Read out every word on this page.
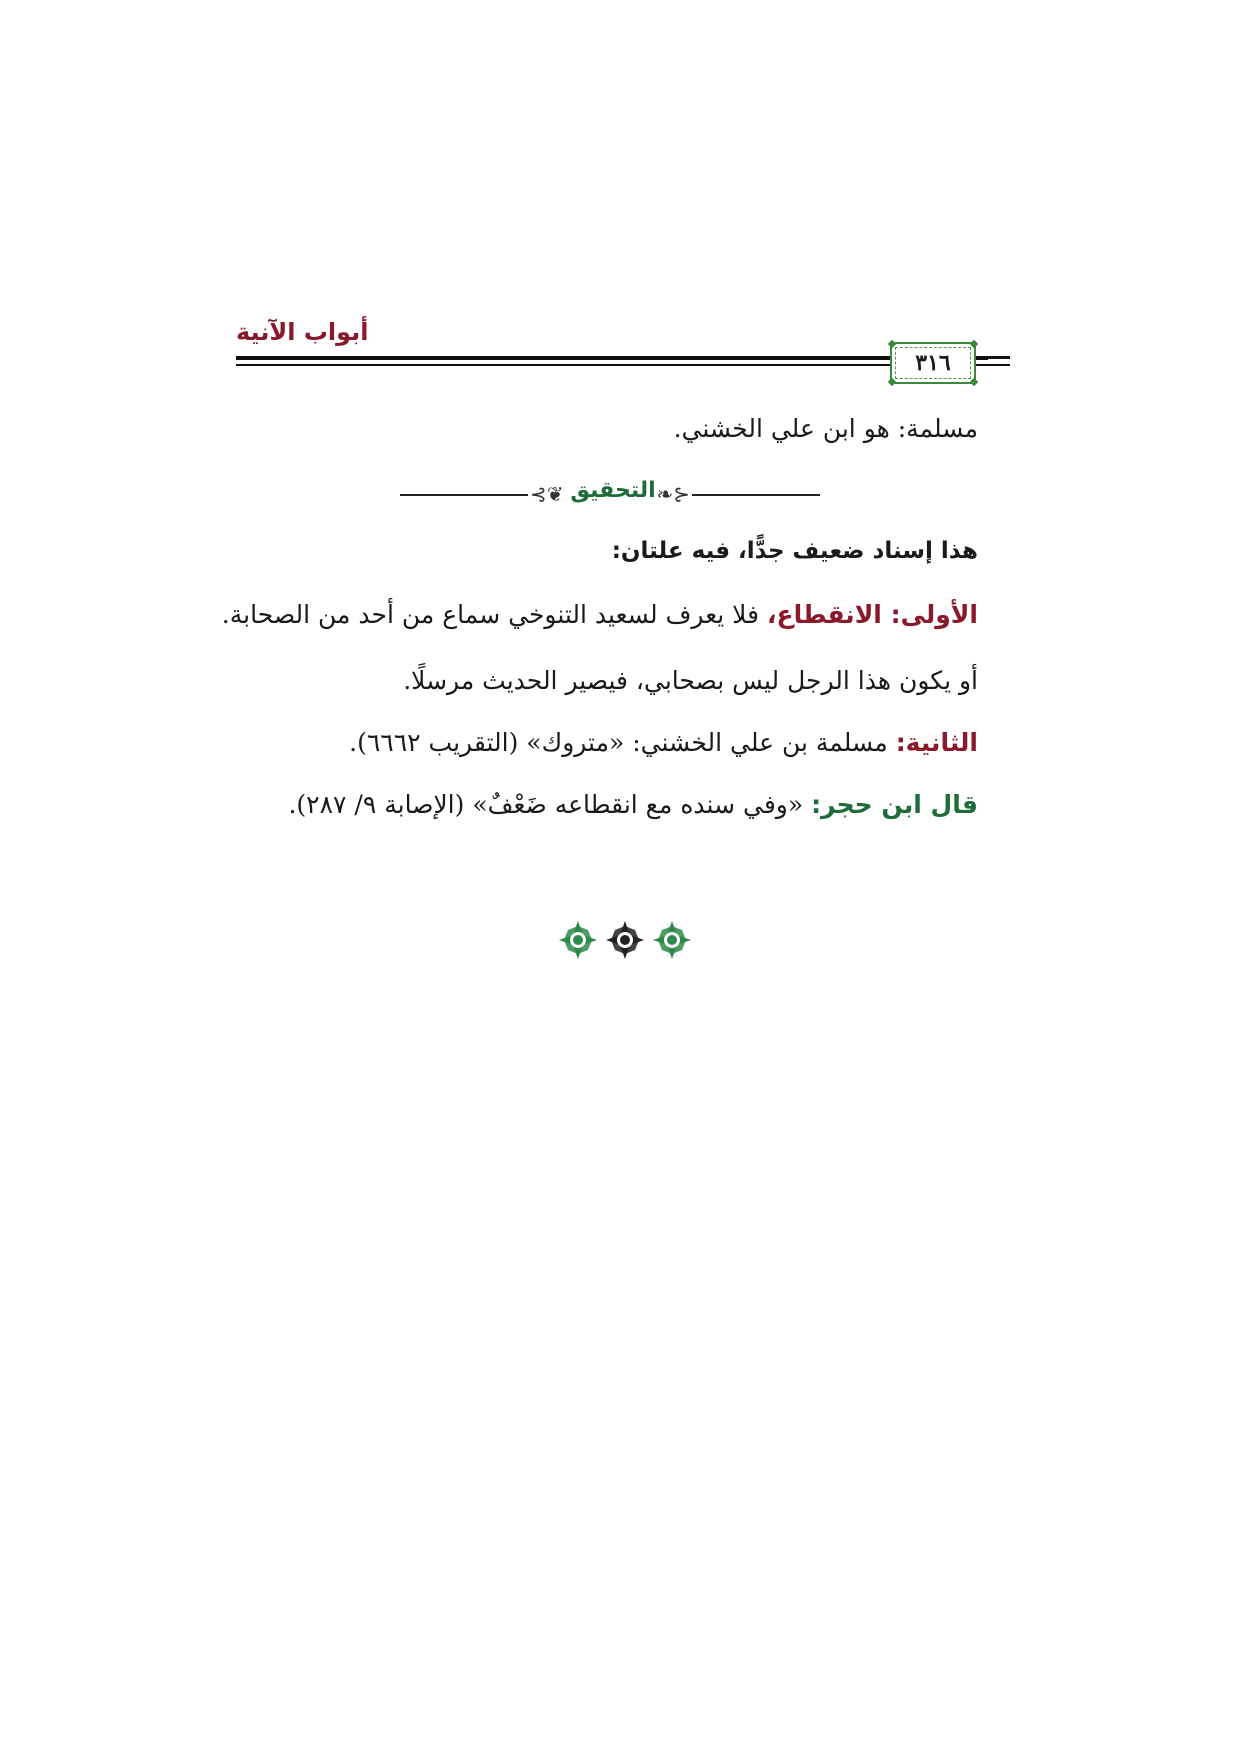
أبواب الآنية
٣١٦
مسلمة: هو ابن علي الخشني.
⊰❦ التحقيق ❧⊱
هذا إسناد ضعيف جدًّا، فيه علتان:
الأولى: الانقطاع، فلا يعرف لسعيد التنوخي سماع من أحد من الصحابة.
أو يكون هذا الرجل ليس بصحابي، فيصير الحديث مرسلًا.
الثانية: مسلمة بن علي الخشني: «متروك» (التقريب ٦٦٦٢).
قال ابن حجر: «وفي سنده مع انقطاعه ضَعْفٌ» (الإصابة ٩/ ٢٨٧).
